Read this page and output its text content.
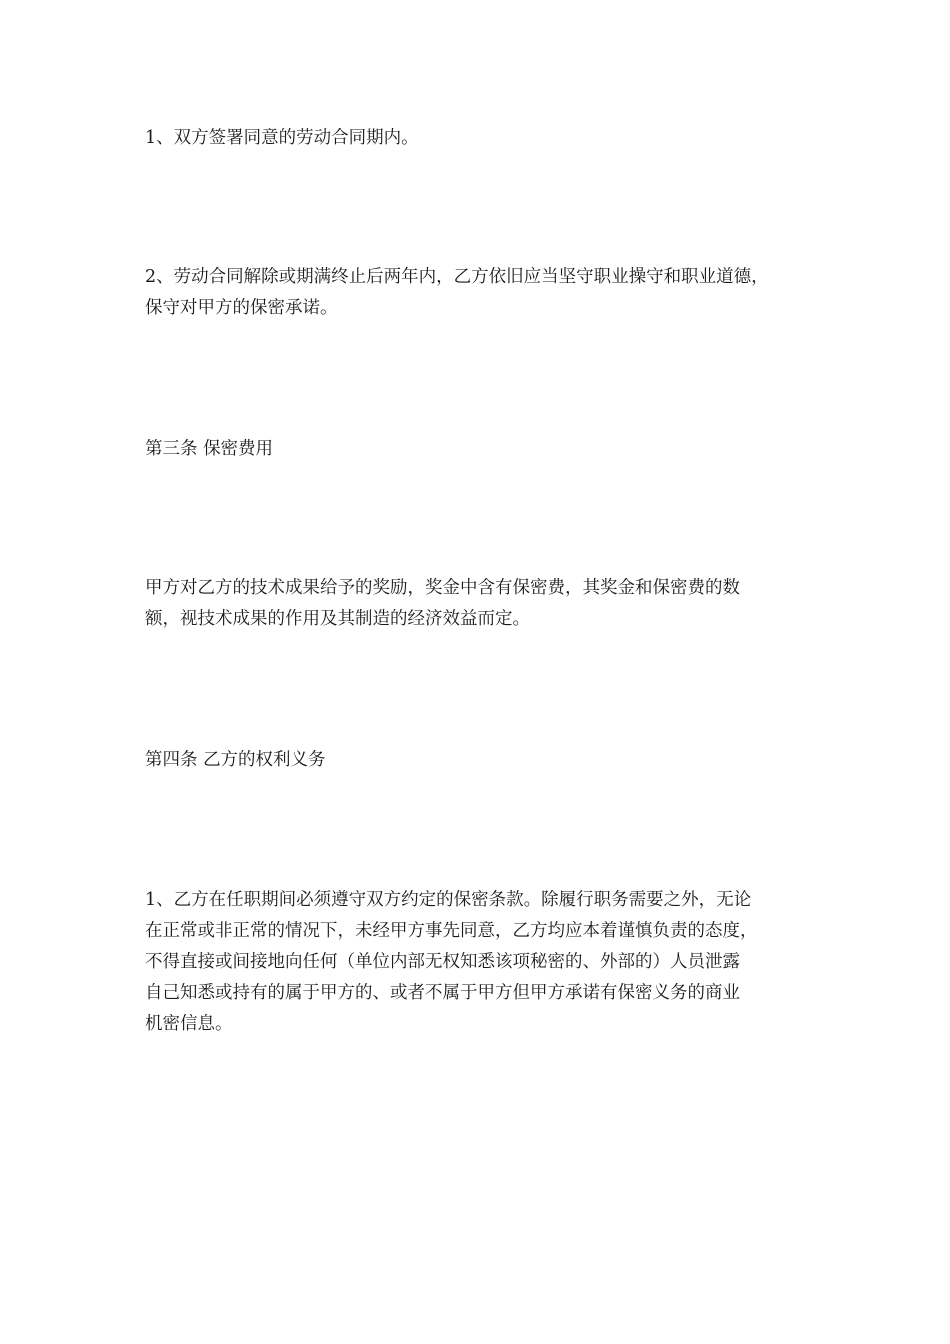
1、双方签署同意的劳动合同期内。

2、劳动合同解除或期满终止后两年内，乙方依旧应当坚守职业操守和职业道德，
保守对甲方的保密承诺。

第三条 保密费用

甲方对乙方的技术成果给予的奖励，奖金中含有保密费，其奖金和保密费的数
额，视技术成果的作用及其制造的经济效益而定。

第四条 乙方的权利义务

1、乙方在任职期间必须遵守双方约定的保密条款。除履行职务需要之外，无论
在正常或非正常的情况下，未经甲方事先同意，乙方均应本着谨慎负责的态度，
不得直接或间接地向任何（单位内部无权知悉该项秘密的、外部的）人员泄露
自己知悉或持有的属于甲方的、或者不属于甲方但甲方承诺有保密义务的商业
机密信息。
